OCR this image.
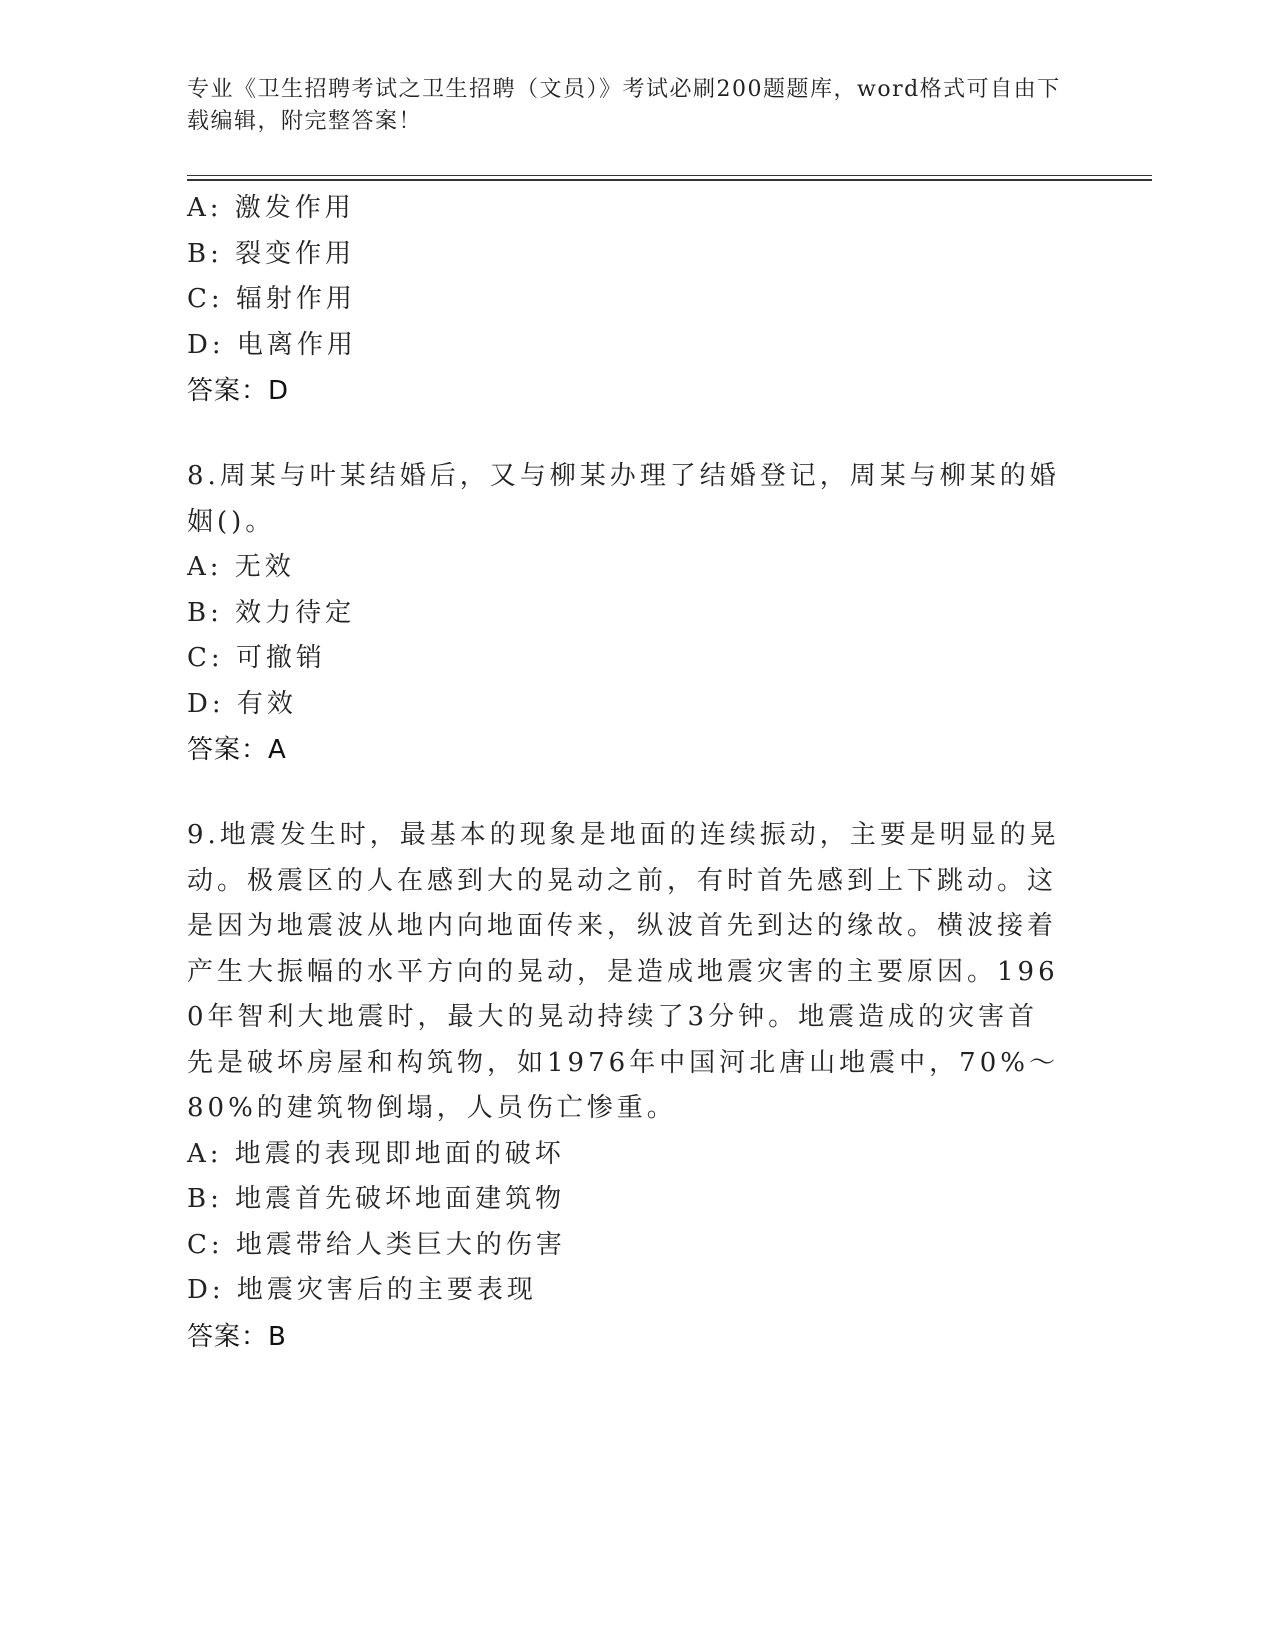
专业《卫生招聘考试之卫生招聘（文员）》考试必刷200题题库，word格式可自由下载编辑，附完整答案！
A: 激发作用
B: 裂变作用
C: 辐射作用
D: 电离作用
答案：D
8.周某与叶某结婚后，又与柳某办理了结婚登记，周某与柳某的婚姻()。
A: 无效
B: 效力待定
C: 可撤销
D: 有效
答案：A
9.地震发生时，最基本的现象是地面的连续振动，主要是明显的晃动。极震区的人在感到大的晃动之前，有时首先感到上下跳动。这是因为地震波从地内向地面传来，纵波首先到达的缘故。横波接着产生大振幅的水平方向的晃动，是造成地震灾害的主要原因。1960年智利大地震时，最大的晃动持续了3分钟。地震造成的灾害首先是破坏房屋和构筑物，如1976年中国河北唐山地震中，70%～80%的建筑物倒塌，人员伤亡惨重。
A: 地震的表现即地面的破坏
B: 地震首先破坏地面建筑物
C: 地震带给人类巨大的伤害
D: 地震灾害后的主要表现
答案：B
